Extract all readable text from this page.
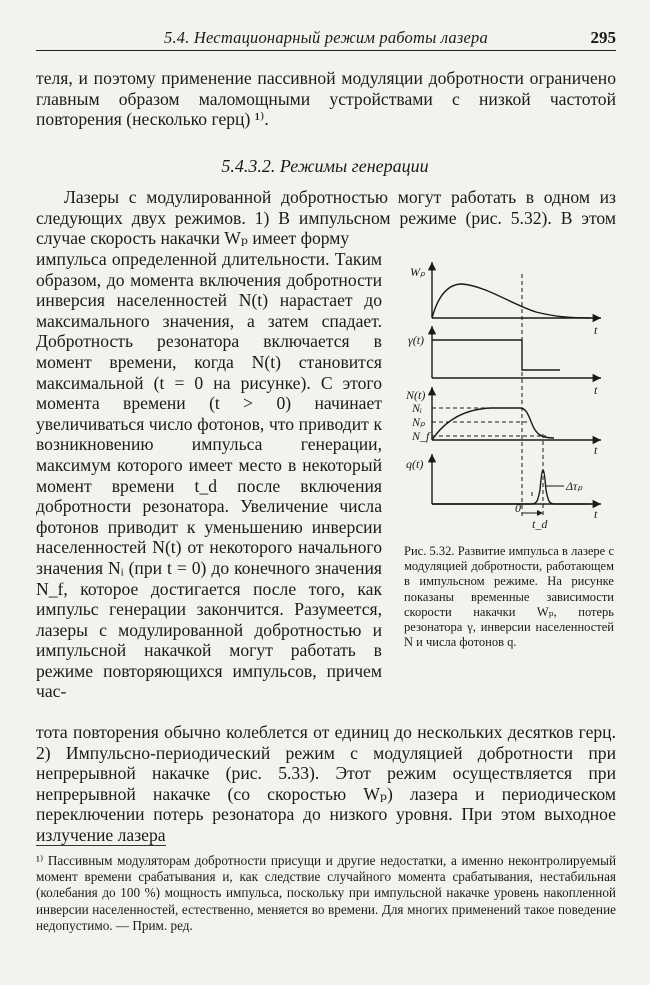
5.4. Нестационарный режим работы лазера	295

теля, и поэтому применение пассивной модуляции добротности ограничено главным образом маломощными устройствами с низкой частотой повторения (несколько герц) ¹⁾.

5.4.3.2. Режимы генерации

Лазеры с модулированной добротностью могут работать в одном из следующих двух режимов. 1) В импульсном режиме (рис. 5.32). В этом случае скорость накачки Wₚ имеет форму

импульса определенной длительности. Таким образом, до момента включения добротности инверсия населенностей N(t) нарастает до максимального значения, а затем спадает. Добротность резонатора включается в момент времени, когда N(t) становится максимальной (t = 0 на рисунке). С этого момента времени (t > 0) начинает увеличиваться число фотонов, что приводит к возникновению импульса генерации, максимум которого имеет место в некоторый момент времени t_d после включения добротности резонатора. Увеличение числа фотонов приводит к уменьшению инверсии населенностей N(t) от некоторого начального значения Nᵢ (при t = 0) до конечного значения N_f, которое достигается после того, как импульс генерации закончится. Разумеется, лазеры с модулированной добротностью и импульсной накачкой могут работать в режиме повторяющихся импульсов, причем час-
Wₚ
t
γ(t)
t
N(t)
Nᵢ
Nₚ
N_f
t
q(t)
Δτₚ
0	t
t_d
Рис. 5.32. Развитие импульса в лазере с модуляцией добротности, работающем в импульсном режиме. На рисунке показаны временные зависимости скорости накачки Wₚ, потерь резонатора γ, инверсии населенностей N и числа фотонов q.

тота повторения обычно колеблется от единиц до нескольких десятков герц. 2) Импульсно-периодический режим с модуляцией добротности при непрерывной накачке (рис. 5.33). Этот режим осуществляется при непрерывной накачке (со скоростью Wₚ) лазера и периодическом переключении потерь резонатора до низкого уровня. При этом выходное излучение лазера

¹⁾ Пассивным модуляторам добротности присущи и другие недостатки, а именно неконтролируемый момент времени срабатывания и, как следствие случайного момента срабатывания, нестабильная (колебания до 100 %) мощность импульса, поскольку при импульсной накачке уровень накопленной инверсии населенностей, естественно, меняется во времени. Для многих применений такое поведение недопустимо. — Прим. ред.
